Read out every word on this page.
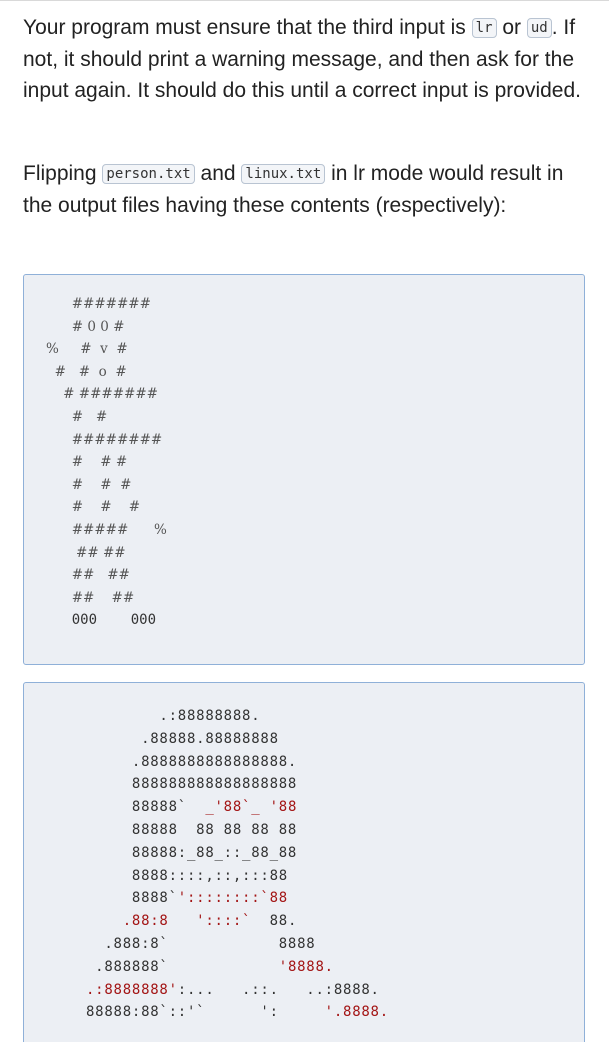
Your program must ensure that the third input is lr or ud . If not, it should print a warning message, and then ask for the input again. It should do this until a correct input is provided.

Flipping person.txt and linux.txt in lr mode would result in the output files having these contents (respectively):

#######
# 0 0 #
%     #  v  #
#   #  o  #
# #######
#   #
########
#    # #
#    #  #
#    #    #
#####      %
## ##
##   ##
##    ##
000    000
.:88888888.
.88888.88888888
.8888888888888888.
888888888888888888
88888`  _'88`_ '88
88888  88 88 88 88
88888:_88_::_88_88
8888::::,::,:::88
8888`'::::::::`88
.88:8   '::::`  88.
.888:8`            8888
.888888`            '8888.
.:8888888':...   .::.   ..:8888.
88888:88`::'`      ':     '.8888.
